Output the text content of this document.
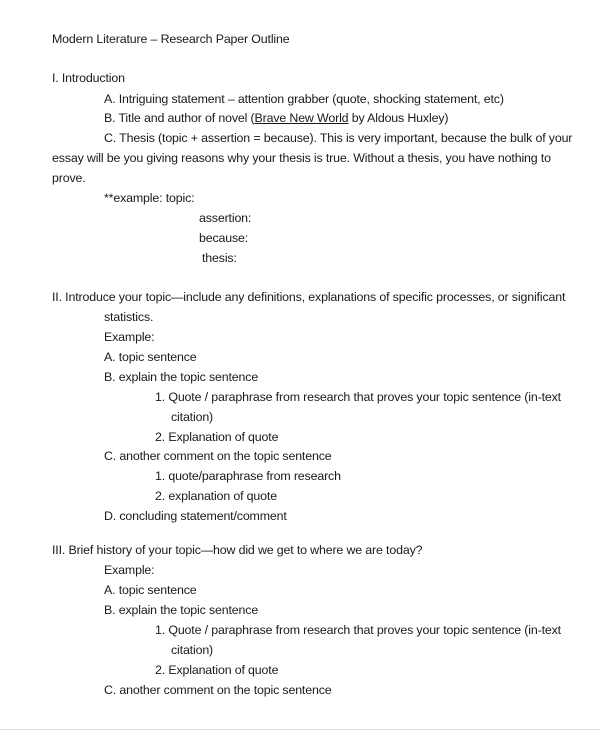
Modern Literature – Research Paper Outline
I. Introduction
A. Intriguing statement – attention grabber (quote, shocking statement, etc)
B. Title and author of novel (Brave New World by Aldous Huxley)
C. Thesis (topic + assertion = because). This is very important, because the bulk of your
essay will be you giving reasons why your thesis is true. Without a thesis, you have nothing to
prove.
**example: topic:
assertion:
because:
thesis:
II. Introduce your topic—include any definitions, explanations of specific processes, or significant
statistics.
Example:
A. topic sentence
B. explain the topic sentence
1. Quote / paraphrase from research that proves your topic sentence (in-text
citation)
2. Explanation of quote
C. another comment on the topic sentence
1. quote/paraphrase from research
2. explanation of quote
D. concluding statement/comment
III. Brief history of your topic—how did we get to where we are today?
Example:
A. topic sentence
B. explain the topic sentence
1. Quote / paraphrase from research that proves your topic sentence (in-text
citation)
2. Explanation of quote
C. another comment on the topic sentence
